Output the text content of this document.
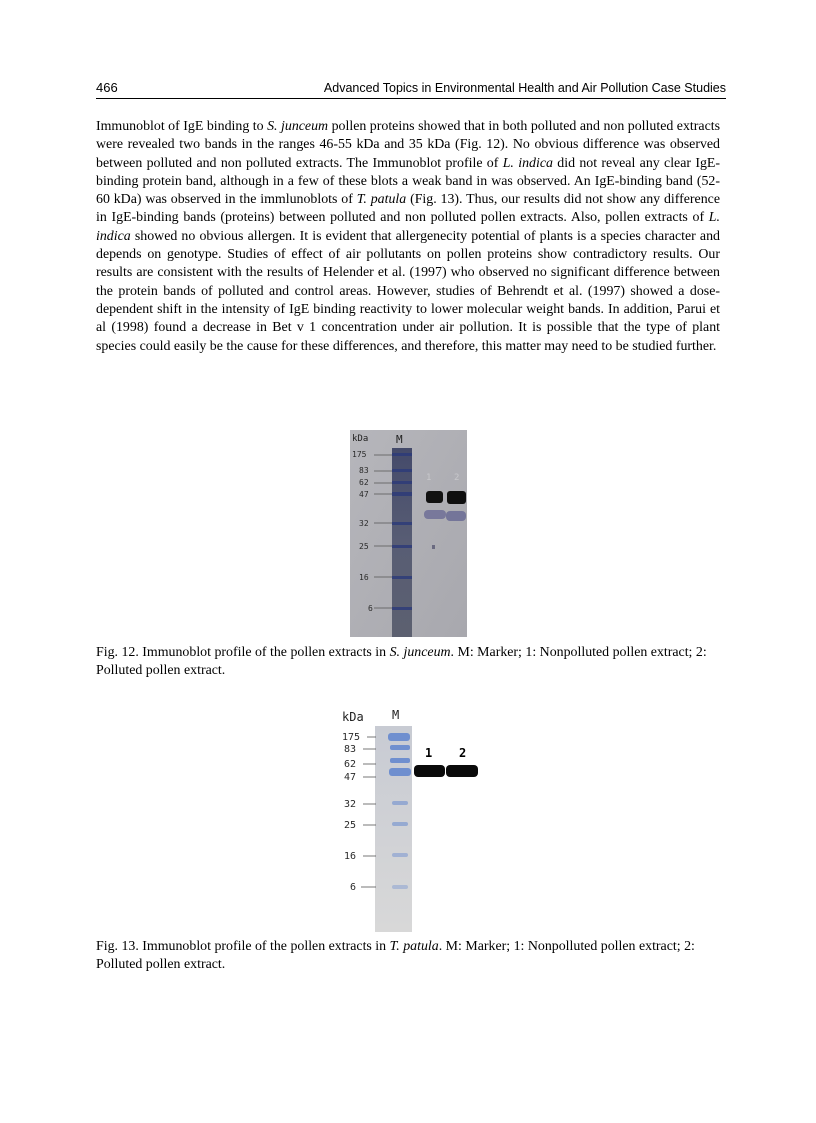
466	Advanced Topics in Environmental Health and Air Pollution Case Studies

Immunoblot of IgE binding to S. junceum pollen proteins showed that in both polluted and non polluted extracts were revealed two bands in the ranges 46-55 kDa and 35 kDa (Fig. 12). No obvious difference was observed between polluted and non polluted extracts. The Immunoblot profile of L. indica did not reveal any clear IgE-binding protein band, although in a few of these blots a weak band in was observed. An IgE-binding band (52-60 kDa) was observed in the immlunoblots of T. patula (Fig. 13). Thus, our results did not show any difference in IgE-binding bands (proteins) between polluted and non polluted pollen extracts. Also, pollen extracts of L. indica showed no obvious allergen. It is evident that allergenecity potential of plants is a species character and depends on genotype. Studies of effect of air pollutants on pollen proteins show contradictory results. Our results are consistent with the results of Helender et al. (1997) who observed no significant difference between the protein bands of polluted and control areas. However, studies of Behrendt et al. (1997) showed a dose-dependent shift in the intensity of IgE binding reactivity to lower molecular weight bands. In addition, Parui et al (1998) found a decrease in Bet v 1 concentration under air pollution. It is possible that the type of plant species could easily be the cause for these differences, and therefore, this matter may need to be studied further.

kDa	M
1	2
175
83
62
47
32
25
16
6

Fig. 12. Immunoblot profile of the pollen extracts in S. junceum. M: Marker; 1: Nonpolluted pollen extract; 2: Polluted pollen extract.

kDa M
1 2
175
83
62
47
32
25
16
6

Fig. 13. Immunoblot profile of the pollen extracts in T. patula. M: Marker; 1: Nonpolluted pollen extract; 2: Polluted pollen extract.
